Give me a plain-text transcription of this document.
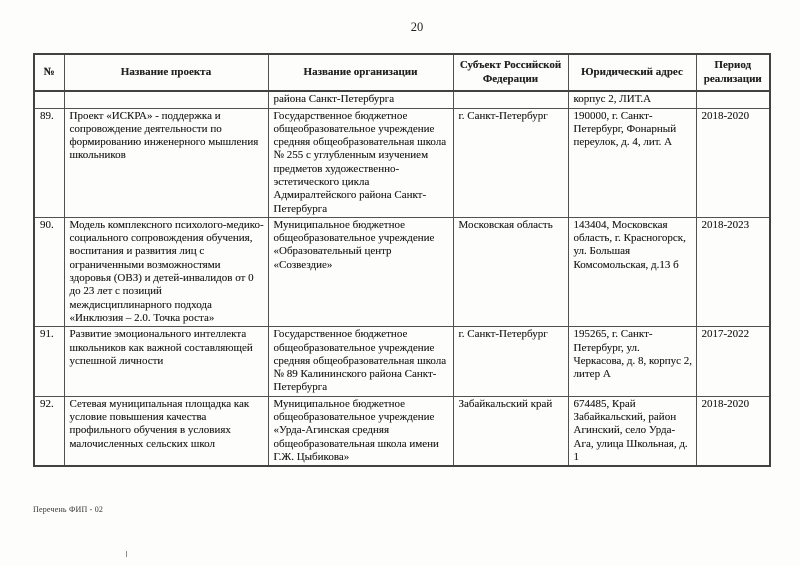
20
№	Название проекта	Название организации	Субъект Российской Федерации	Юридический адрес	Период реализации
		района Санкт-Петербурга		корпус 2, ЛИТ.А	
89.	Проект «ИСКРА» - поддержка и сопровождение деятельности по формированию инженерного мышления школьников	Государственное бюджетное общеобразовательное учреждение средняя общеобразовательная школа № 255 с углубленным изучением предметов художественно-эстетического цикла Адмиралтейского района Санкт-Петербурга	г. Санкт-Петербург	190000, г. Санкт-Петербург, Фонарный переулок, д. 4, лит. А	2018-2020
90.	Модель комплексного психолого-медико-социального сопровождения обучения, воспитания и развития лиц с ограниченными возможностями здоровья (ОВЗ) и детей-инвалидов от 0 до 23 лет с позиций междисциплинарного подхода «Инклюзия – 2.0. Точка роста»	Муниципальное бюджетное общеобразовательное учреждение «Образовательный центр «Созвездие»	Московская область	143404, Московская область, г. Красногорск, ул. Большая Комсомольская, д.13 б	2018-2023
91.	Развитие эмоционального интеллекта школьников как важной составляющей успешной личности	Государственное бюджетное общеобразовательное учреждение средняя общеобразовательная школа № 89 Калининского района Санкт-Петербурга	г. Санкт-Петербург	195265, г. Санкт-Петербург, ул. Черкасова, д. 8, корпус 2, литер А	2017-2022
92.	Сетевая муниципальная площадка как условие повышения качества профильного обучения в условиях малочисленных сельских школ	Муниципальное бюджетное общеобразовательное учреждение «Урда-Агинская средняя общеобразовательная школа имени Г.Ж. Цыбикова»	Забайкальский край	674485, Край Забайкальский, район Агинский, село Урда-Ага, улица Школьная, д. 1	2018-2020
Перечень ФИП - 02
